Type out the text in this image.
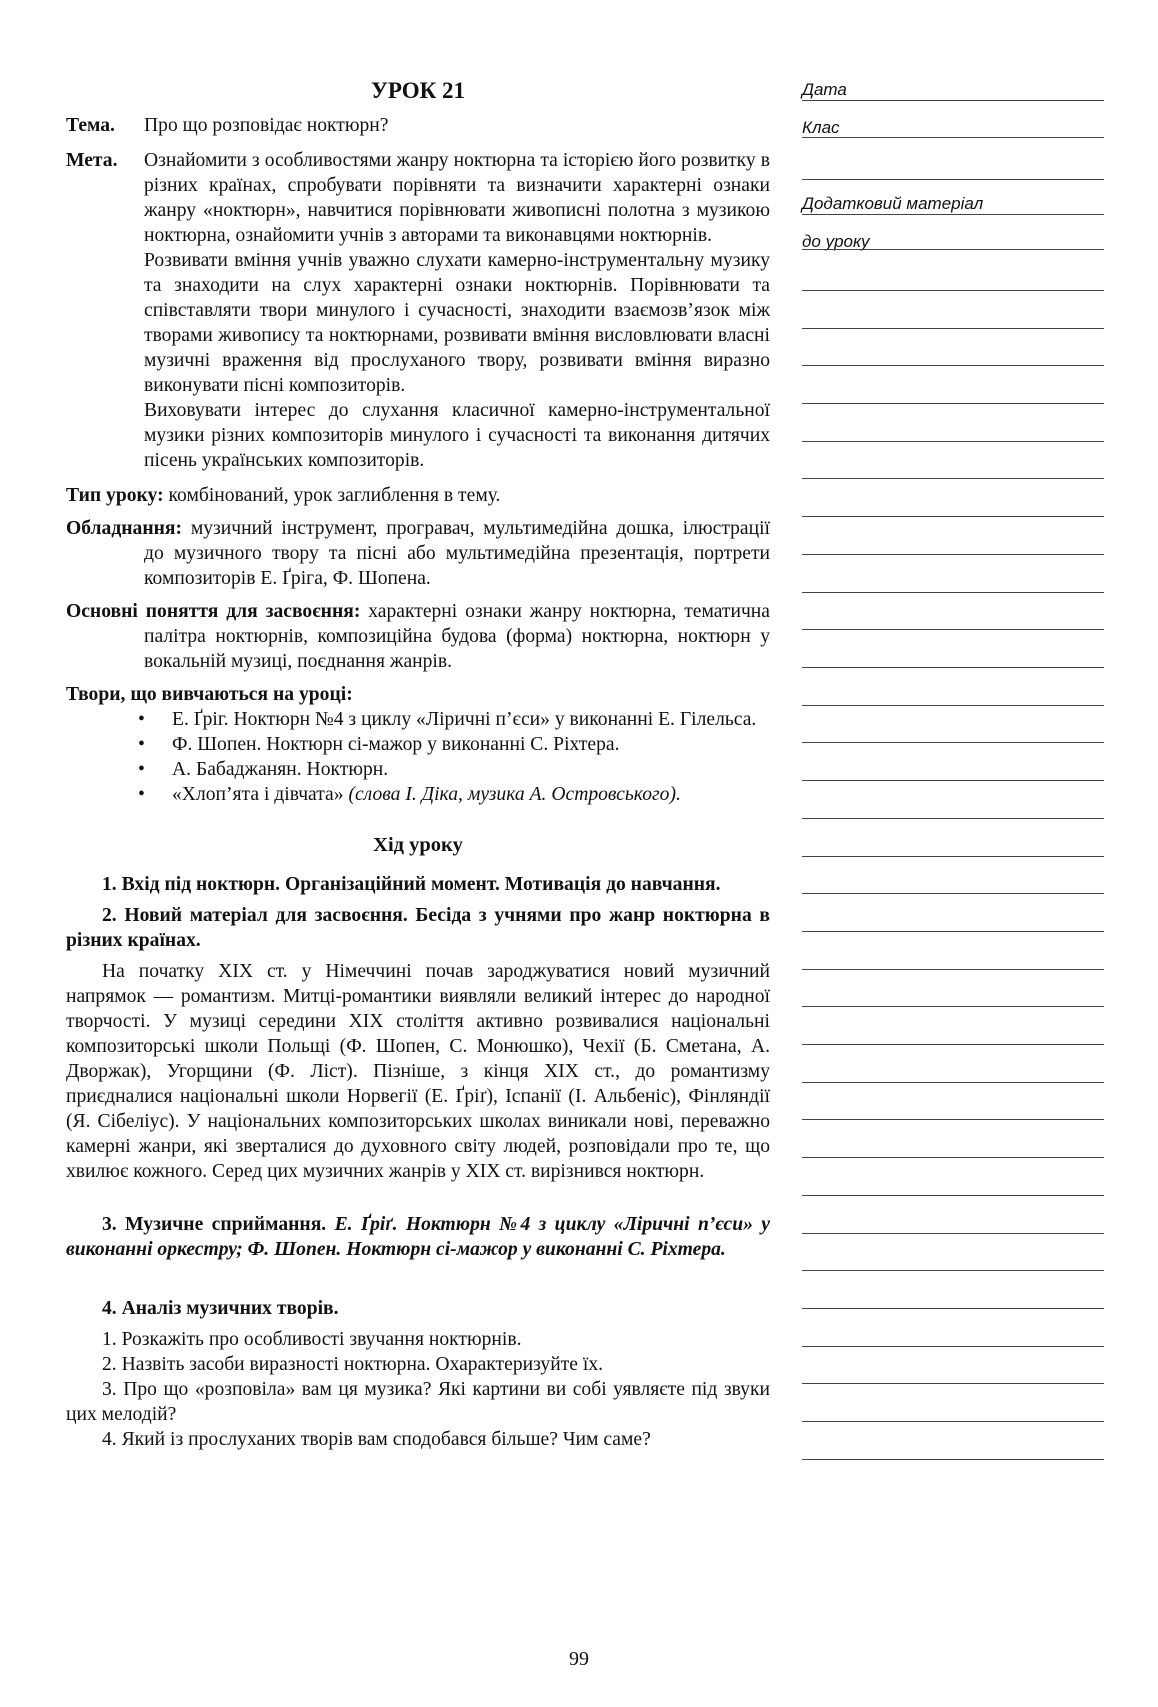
УРОК 21
Тема. Про що розповідає ноктюрн?
Мета. Ознайомити з особливостями жанру ноктюрна та історією його розвитку в різних країнах, спробувати порівняти та визначити характерні ознаки жанру «ноктюрн», навчитися порівнювати живописні полотна з музикою ноктюрна, ознайомити учнів з авторами та виконавцями ноктюрнів.
Розвивати вміння учнів уважно слухати камерно-інструментальну музику та знаходити на слух характерні ознаки ноктюрнів. Порівнювати та співставляти твори минулого і сучасності, знаходити взаємозв’язок між творами живопису та ноктюрнами, розвивати вміння висловлювати власні музичні враження від прослуханого твору, розвивати вміння виразно виконувати пісні композиторів.
Виховувати інтерес до слухання класичної камерно-інструментальної музики різних композиторів минулого і сучасності та виконання дитячих пісень українських композиторів.
Тип уроку: комбінований, урок заглиблення в тему.
Обладнання: музичний інструмент, програвач, мультимедійна дошка, ілюстрації до музичного твору та пісні або мультимедійна презентація, портрети композиторів Е. Ґріга, Ф. Шопена.
Основні поняття для засвоєння: характерні ознаки жанру ноктюрна, тематична палітра ноктюрнів, композиційна будова (форма) ноктюрна, ноктюрн у вокальній музиці, поєднання жанрів.
Твори, що вивчаються на уроці:
• Е. Ґріг. Ноктюрн №4 з циклу «Ліричні п’єси» у виконанні Е. Гілельса.
• Ф. Шопен. Ноктюрн сі-мажор у виконанні С. Ріхтера.
• А. Бабаджанян. Ноктюрн.
• «Хлоп’ята і дівчата» (слова І. Діка, музика А. Островського).
Хід уроку
1. Вхід під ноктюрн. Організаційний момент. Мотивація до навчання.
2. Новий матеріал для засвоєння. Бесіда з учнями про жанр ноктюрна в різних країнах.
На початку XIX ст. у Німеччині почав зароджуватися новий музичний напрямок — романтизм. Митці-романтики виявляли великий інтерес до народної творчості. У музиці середини XIX століття активно розвивалися національні композиторські школи Польщі (Ф. Шопен, С. Монюшко), Чехії (Б. Сметана, А. Дворжак), Угорщини (Ф. Ліст). Пізніше, з кінця XIX ст., до романтизму приєдналися національні школи Норвегії (Е. Ґріґ), Іспанії (І. Альбеніс), Фінляндії (Я. Сібеліус). У національних композиторських школах виникали нові, переважно камерні жанри, які зверталися до духовного світу людей, розповідали про те, що хвилює кожного. Серед цих музичних жанрів у XIX ст. вирізнився ноктюрн.
3. Музичне сприймання. Е. Ґріґ. Ноктюрн №4 з циклу «Ліричні п’єси» у виконанні оркестру; Ф. Шопен. Ноктюрн сі-мажор у виконанні С. Ріхтера.
4. Аналіз музичних творів.
1. Розкажіть про особливості звучання ноктюрнів.
2. Назвіть засоби виразності ноктюрна. Охарактеризуйте їх.
3. Про що «розповіла» вам ця музика? Які картини ви собі уявляєте під звуки цих мелодій?
4. Який із прослуханих творів вам сподобався більше? Чим саме?
Дата
Клас
Додатковий матеріал
до уроку
99
